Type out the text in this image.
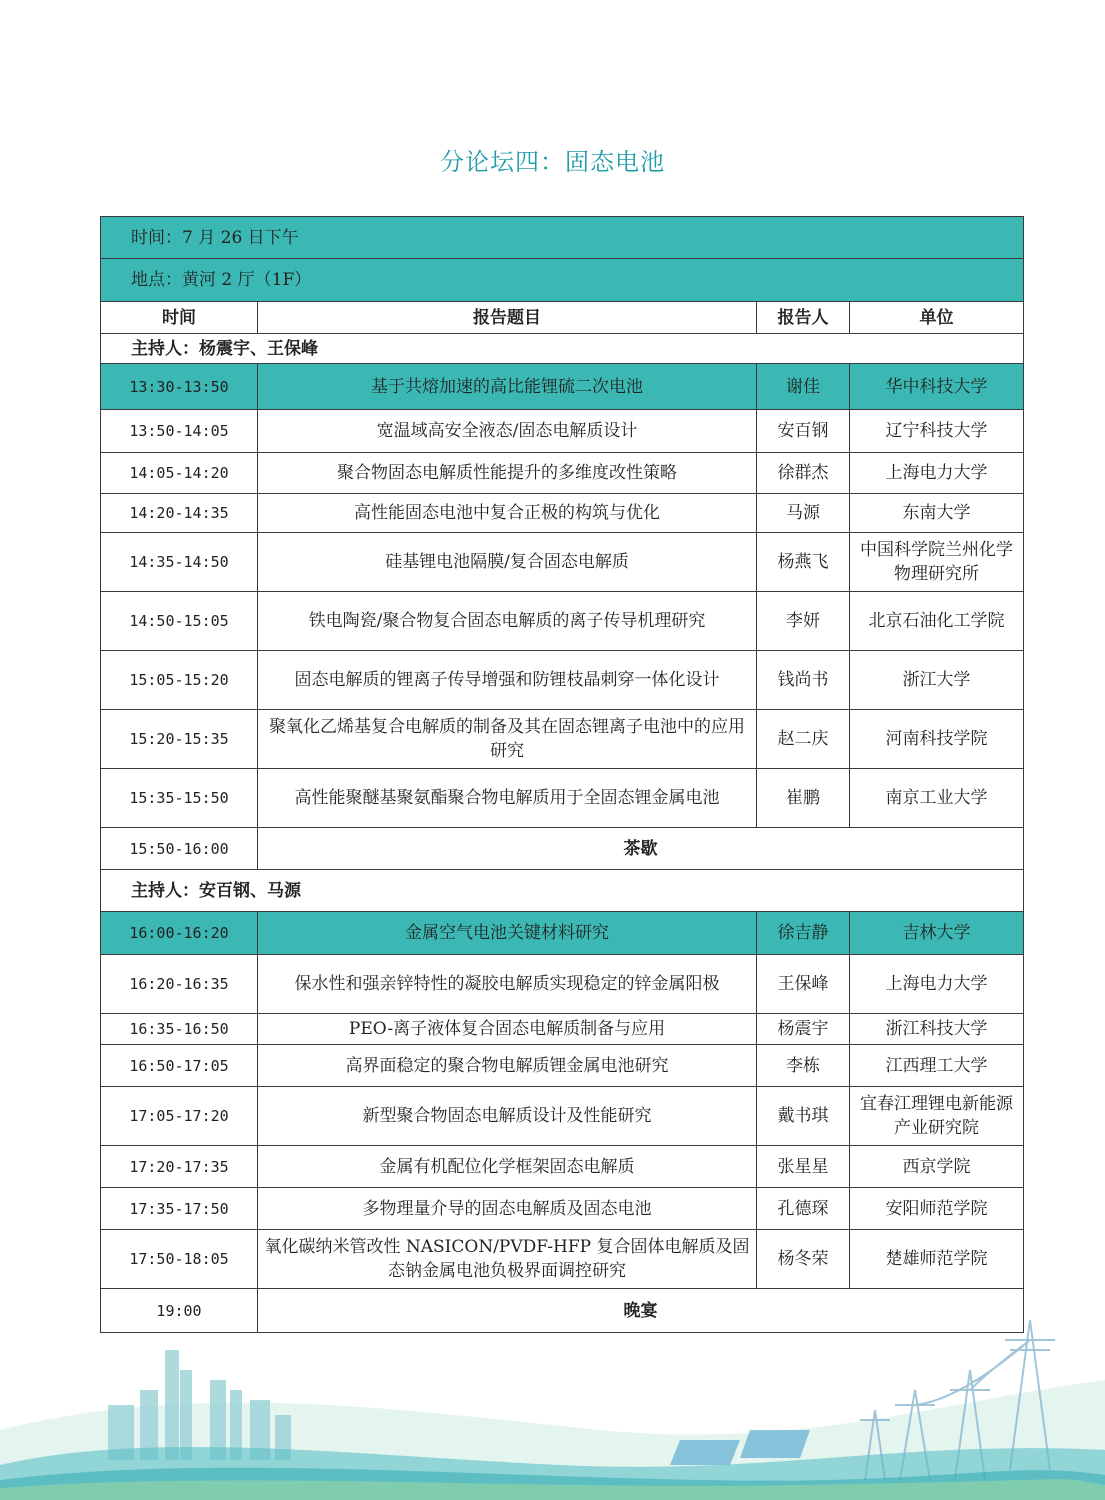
分论坛四：固态电池
时间：7 月 26 日下午			
地点：黄河 2 厅（1F）			
时间	报告题目	报告人	单位
主持人：杨震宇、王保峰			
13:30-13:50	基于共熔加速的高比能锂硫二次电池	谢佳	华中科技大学
13:50-14:05	宽温域高安全液态/固态电解质设计	安百钢	辽宁科技大学
14:05-14:20	聚合物固态电解质性能提升的多维度改性策略	徐群杰	上海电力大学
14:20-14:35	高性能固态电池中复合正极的构筑与优化	马源	东南大学
14:35-14:50	硅基锂电池隔膜/复合固态电解质	杨燕飞	中国科学院兰州化学物理研究所
14:50-15:05	铁电陶瓷/聚合物复合固态电解质的离子传导机理研究	李妍	北京石油化工学院
15:05-15:20	固态电解质的锂离子传导增强和防锂枝晶刺穿一体化设计	钱尚书	浙江大学
15:20-15:35	聚氧化乙烯基复合电解质的制备及其在固态锂离子电池中的应用研究	赵二庆	河南科技学院
15:35-15:50	高性能聚醚基聚氨酯聚合物电解质用于全固态锂金属电池	崔鹏	南京工业大学
15:50-16:00	茶歇		
主持人：安百钢、马源			
16:00-16:20	金属空气电池关键材料研究	徐吉静	吉林大学
16:20-16:35	保水性和强亲锌特性的凝胶电解质实现稳定的锌金属阳极	王保峰	上海电力大学
16:35-16:50	PEO-离子液体复合固态电解质制备与应用	杨震宇	浙江科技大学
16:50-17:05	高界面稳定的聚合物电解质锂金属电池研究	李栋	江西理工大学
17:05-17:20	新型聚合物固态电解质设计及性能研究	戴书琪	宜春江理锂电新能源产业研究院
17:20-17:35	金属有机配位化学框架固态电解质	张星星	西京学院
17:35-17:50	多物理量介导的固态电解质及固态电池	孔德琛	安阳师范学院
17:50-18:05	氧化碳纳米管改性 NASICON/PVDF-HFP 复合固体电解质及固态钠金属电池负极界面调控研究	杨冬荣	楚雄师范学院
19:00	晚宴		
